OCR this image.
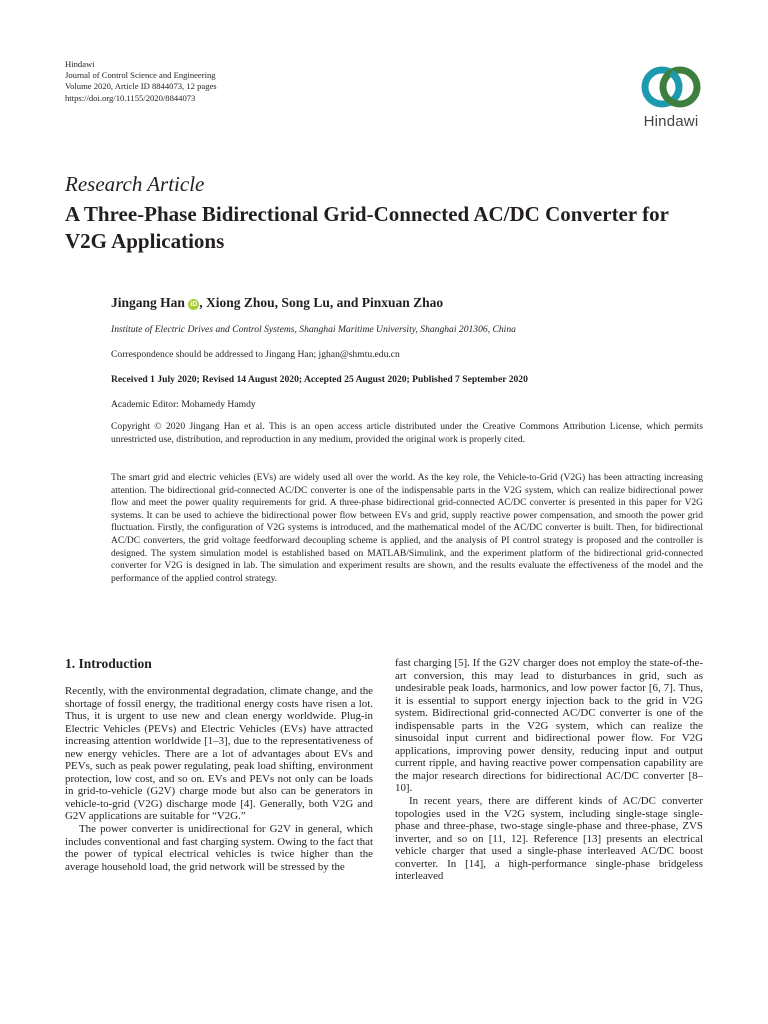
Hindawi
Journal of Control Science and Engineering
Volume 2020, Article ID 8844073, 12 pages
https://doi.org/10.1155/2020/8844073
Hindawi
Research Article
A Three-Phase Bidirectional Grid-Connected AC/DC Converter for V2G Applications
Jingang Han iD , Xiong Zhou, Song Lu, and Pinxuan Zhao
Institute of Electric Drives and Control Systems, Shanghai Maritime University, Shanghai 201306, China
Correspondence should be addressed to Jingang Han; jghan@shmtu.edu.cn
Received 1 July 2020; Revised 14 August 2020; Accepted 25 August 2020; Published 7 September 2020
Academic Editor: Mohamedy Hamdy
Copyright © 2020 Jingang Han et al. This is an open access article distributed under the Creative Commons Attribution License, which permits unrestricted use, distribution, and reproduction in any medium, provided the original work is properly cited.
The smart grid and electric vehicles (EVs) are widely used all over the world. As the key role, the Vehicle-to-Grid (V2G) has been attracting increasing attention. The bidirectional grid-connected AC/DC converter is one of the indispensable parts in the V2G system, which can realize bidirectional power flow and meet the power quality requirements for grid. A three-phase bidirectional grid-connected AC/DC converter is presented in this paper for V2G systems. It can be used to achieve the bidirectional power flow between EVs and grid, supply reactive power compensation, and smooth the power grid fluctuation. Firstly, the configuration of V2G systems is introduced, and the mathematical model of the AC/DC converter is built. Then, for bidirectional AC/DC converters, the grid voltage feedforward decoupling scheme is applied, and the analysis of PI control strategy is proposed and the controller is designed. The system simulation model is established based on MATLAB/Simulink, and the experiment platform of the bidirectional grid-connected converter for V2G is designed in lab. The simulation and experiment results are shown, and the results evaluate the effectiveness of the model and the performance of the applied control strategy.
1. Introduction

Recently, with the environmental degradation, climate change, and the shortage of fossil energy, the traditional energy costs have risen a lot. Thus, it is urgent to use new and clean energy worldwide. Plug-in Electric Vehicles (PEVs) and Electric Vehicles (EVs) have attracted increasing attention worldwide [1–3], due to the representativeness of new energy vehicles. There are a lot of advantages about EVs and PEVs, such as peak power regulating, peak load shifting, environment protection, low cost, and so on. EVs and PEVs not only can be loads in grid-to-vehicle (G2V) charge mode but also can be generators in vehicle-to-grid (V2G) discharge mode [4]. Generally, both V2G and G2V applications are suitable for “V2G.”

The power converter is unidirectional for G2V in general, which includes conventional and fast charging system. Owing to the fact that the power of typical electrical vehicles is twice higher than the average household load, the grid network will be stressed by the

fast charging [5]. If the G2V charger does not employ the state-of-the-art conversion, this may lead to disturbances in grid, such as undesirable peak loads, harmonics, and low power factor [6, 7]. Thus, it is essential to support energy injection back to the grid in V2G system. Bidirectional grid-connected AC/DC converter is one of the indispensable parts in the V2G system, which can realize the sinusoidal input current and bidirectional power flow. For V2G applications, improving power density, reducing input and output current ripple, and having reactive power compensation capability are the major research directions for bidirectional AC/DC converter [8–10].

In recent years, there are different kinds of AC/DC converter topologies used in the V2G system, including single-stage single-phase and three-phase, two-stage single-phase and three-phase, ZVS inverter, and so on [11, 12]. Reference [13] presents an electrical vehicle charger that used a single-phase interleaved AC/DC boost converter. In [14], a high-performance single-phase bridgeless interleaved
